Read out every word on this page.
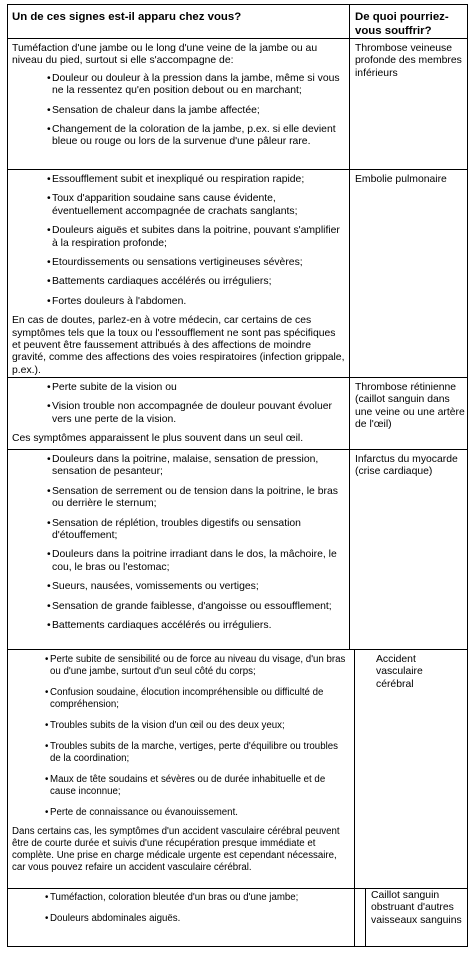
Un de ces signes est-il apparu chez vous?	De quoi pourriez-vous souffrir?

Tuméfaction d'une jambe ou le long d'une veine de la jambe ou au niveau du pied, surtout si elle s'accompagne de:

• Douleur ou douleur à la pression dans la jambe, même si vous ne la ressentez qu'en position debout ou en marchant;
• Sensation de chaleur dans la jambe affectée;
• Changement de la coloration de la jambe, p.ex. si elle devient bleue ou rouge ou lors de la survenue d'une pâleur rare.
Thrombose veineuse profonde des membres inférieurs
• Essoufflement subit et inexpliqué ou respiration rapide;
• Toux d'apparition soudaine sans cause évidente, éventuellement accompagnée de crachats sanglants;
• Douleurs aiguës et subites dans la poitrine, pouvant s'amplifier à la respiration profonde;
• Etourdissements ou sensations vertigineuses sévères;
• Battements cardiaques accélérés ou irréguliers;
• Fortes douleurs à l'abdomen.

En cas de doutes, parlez-en à votre médecin, car certains de ces symptômes tels que la toux ou l'essoufflement ne sont pas spécifiques et peuvent être faussement attribués à des affections de moindre gravité, comme des affections des voies respiratoires (infection grippale, p.ex.).

Embolie pulmonaire
• Perte subite de la vision ou
• Vision trouble non accompagnée de douleur pouvant évoluer vers une perte de la vision.

Ces symptômes apparaissent le plus souvent dans un seul œil.

Thrombose rétinienne (caillot sanguin dans une veine ou une artère de l'œil)
• Douleurs dans la poitrine, malaise, sensation de pression, sensation de pesanteur;
• Sensation de serrement ou de tension dans la poitrine, le bras ou derrière le sternum;
• Sensation de réplétion, troubles digestifs ou sensation d'étouffement;
• Douleurs dans la poitrine irradiant dans le dos, la mâchoire, le cou, le bras ou l'estomac;
• Sueurs, nausées, vomissements ou vertiges;
• Sensation de grande faiblesse, d'angoisse ou essoufflement;
• Battements cardiaques accélérés ou irréguliers.
Infarctus du myocarde (crise cardiaque)
• Perte subite de sensibilité ou de force au niveau du visage, d'un bras ou d'une jambe, surtout d'un seul côté du corps;
• Confusion soudaine, élocution incompréhensible ou difficulté de compréhension;
• Troubles subits de la vision d'un œil ou des deux yeux;
• Troubles subits de la marche, vertiges, perte d'équilibre ou troubles de la coordination;
• Maux de tête soudains et sévères ou de durée inhabituelle et de cause inconnue;
• Perte de connaissance ou évanouissement.

Dans certains cas, les symptômes d'un accident vasculaire cérébral peuvent être de courte durée et suivis d'une récupération presque immédiate et complète. Une prise en charge médicale urgente est cependant nécessaire, car vous pouvez refaire un accident vasculaire cérébral.

Accident vasculaire cérébral
• Tuméfaction, coloration bleutée d'un bras ou d'une jambe;
• Douleurs abdominales aiguës.
Caillot sanguin obstruant d'autres vaisseaux sanguins
